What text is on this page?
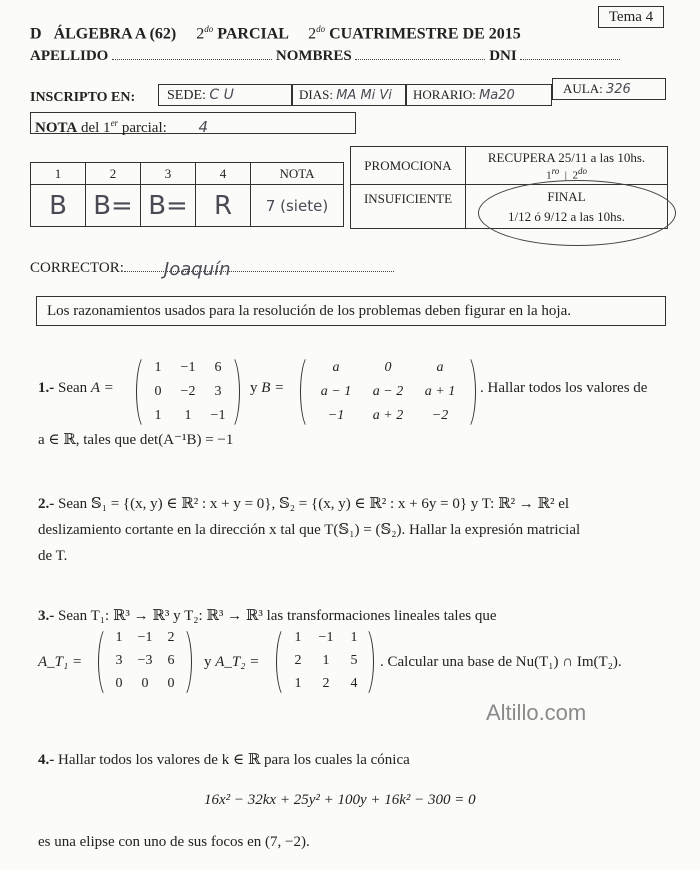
D ÁLGEBRA A (62) $2^{do}$ PARCIAL $2^{do}$ CUATRIMESTRE DE 2015
Tema 4
APELLIDO	NOMBRES	DNI
INSCRIPTO EN:	SEDE: C U	DIAS: MA Mi Vi	HORARIO: Ma20	AULA: 326
NOTA del 1er parcial: 4
1	2	3	4	NOTA
B	B=	B=	R	7 (siete)
PROMOCIONA	RECUPERA 25/11 a las 10hs.
$1^{ro}$  |  $2^{do}$

INSUFICIENTE	FINAL
1/12 ó 9/12 a las 10hs.
CORRECTOR: Joaquín
Los razonamientos usados para la resolución de los problemas deben figurar en la hoja.
1.- Sean A =
1	−1	6
0	−2	3
1	1	−1
y B =
a	0	a
a − 1	a − 2	a + 1
−1	a + 2	−2
. Hallar todos los valores de
a ∈ ℝ, tales que det(A⁻¹B) = −1
2.- Sean 𝕊₁ = {(x, y) ∈ ℝ² : x + y = 0}, 𝕊₂ = {(x, y) ∈ ℝ² : x + 6y = 0} y T: ℝ² → ℝ² el
deslizamiento cortante en la dirección x tal que T(𝕊₁) = (𝕊₂). Hallar la expresión matricial
de T.
3.- Sean T₁: ℝ³ → ℝ³ y T₂: ℝ³ → ℝ³ las transformaciones lineales tales que
A_T₁ =
1	−1	2
3	−3	6
0	0	0
y A_T₂ =
1	−1	1
2	1	5
1	2	4
. Calcular una base de Nu(T₁) ∩ Im(T₂).
Altillo.com
4.- Hallar todos los valores de k ∈ ℝ para los cuales la cónica
16x² − 32kx + 25y² + 100y + 16k² − 300 = 0
es una elipse con uno de sus focos en (7, −2).
